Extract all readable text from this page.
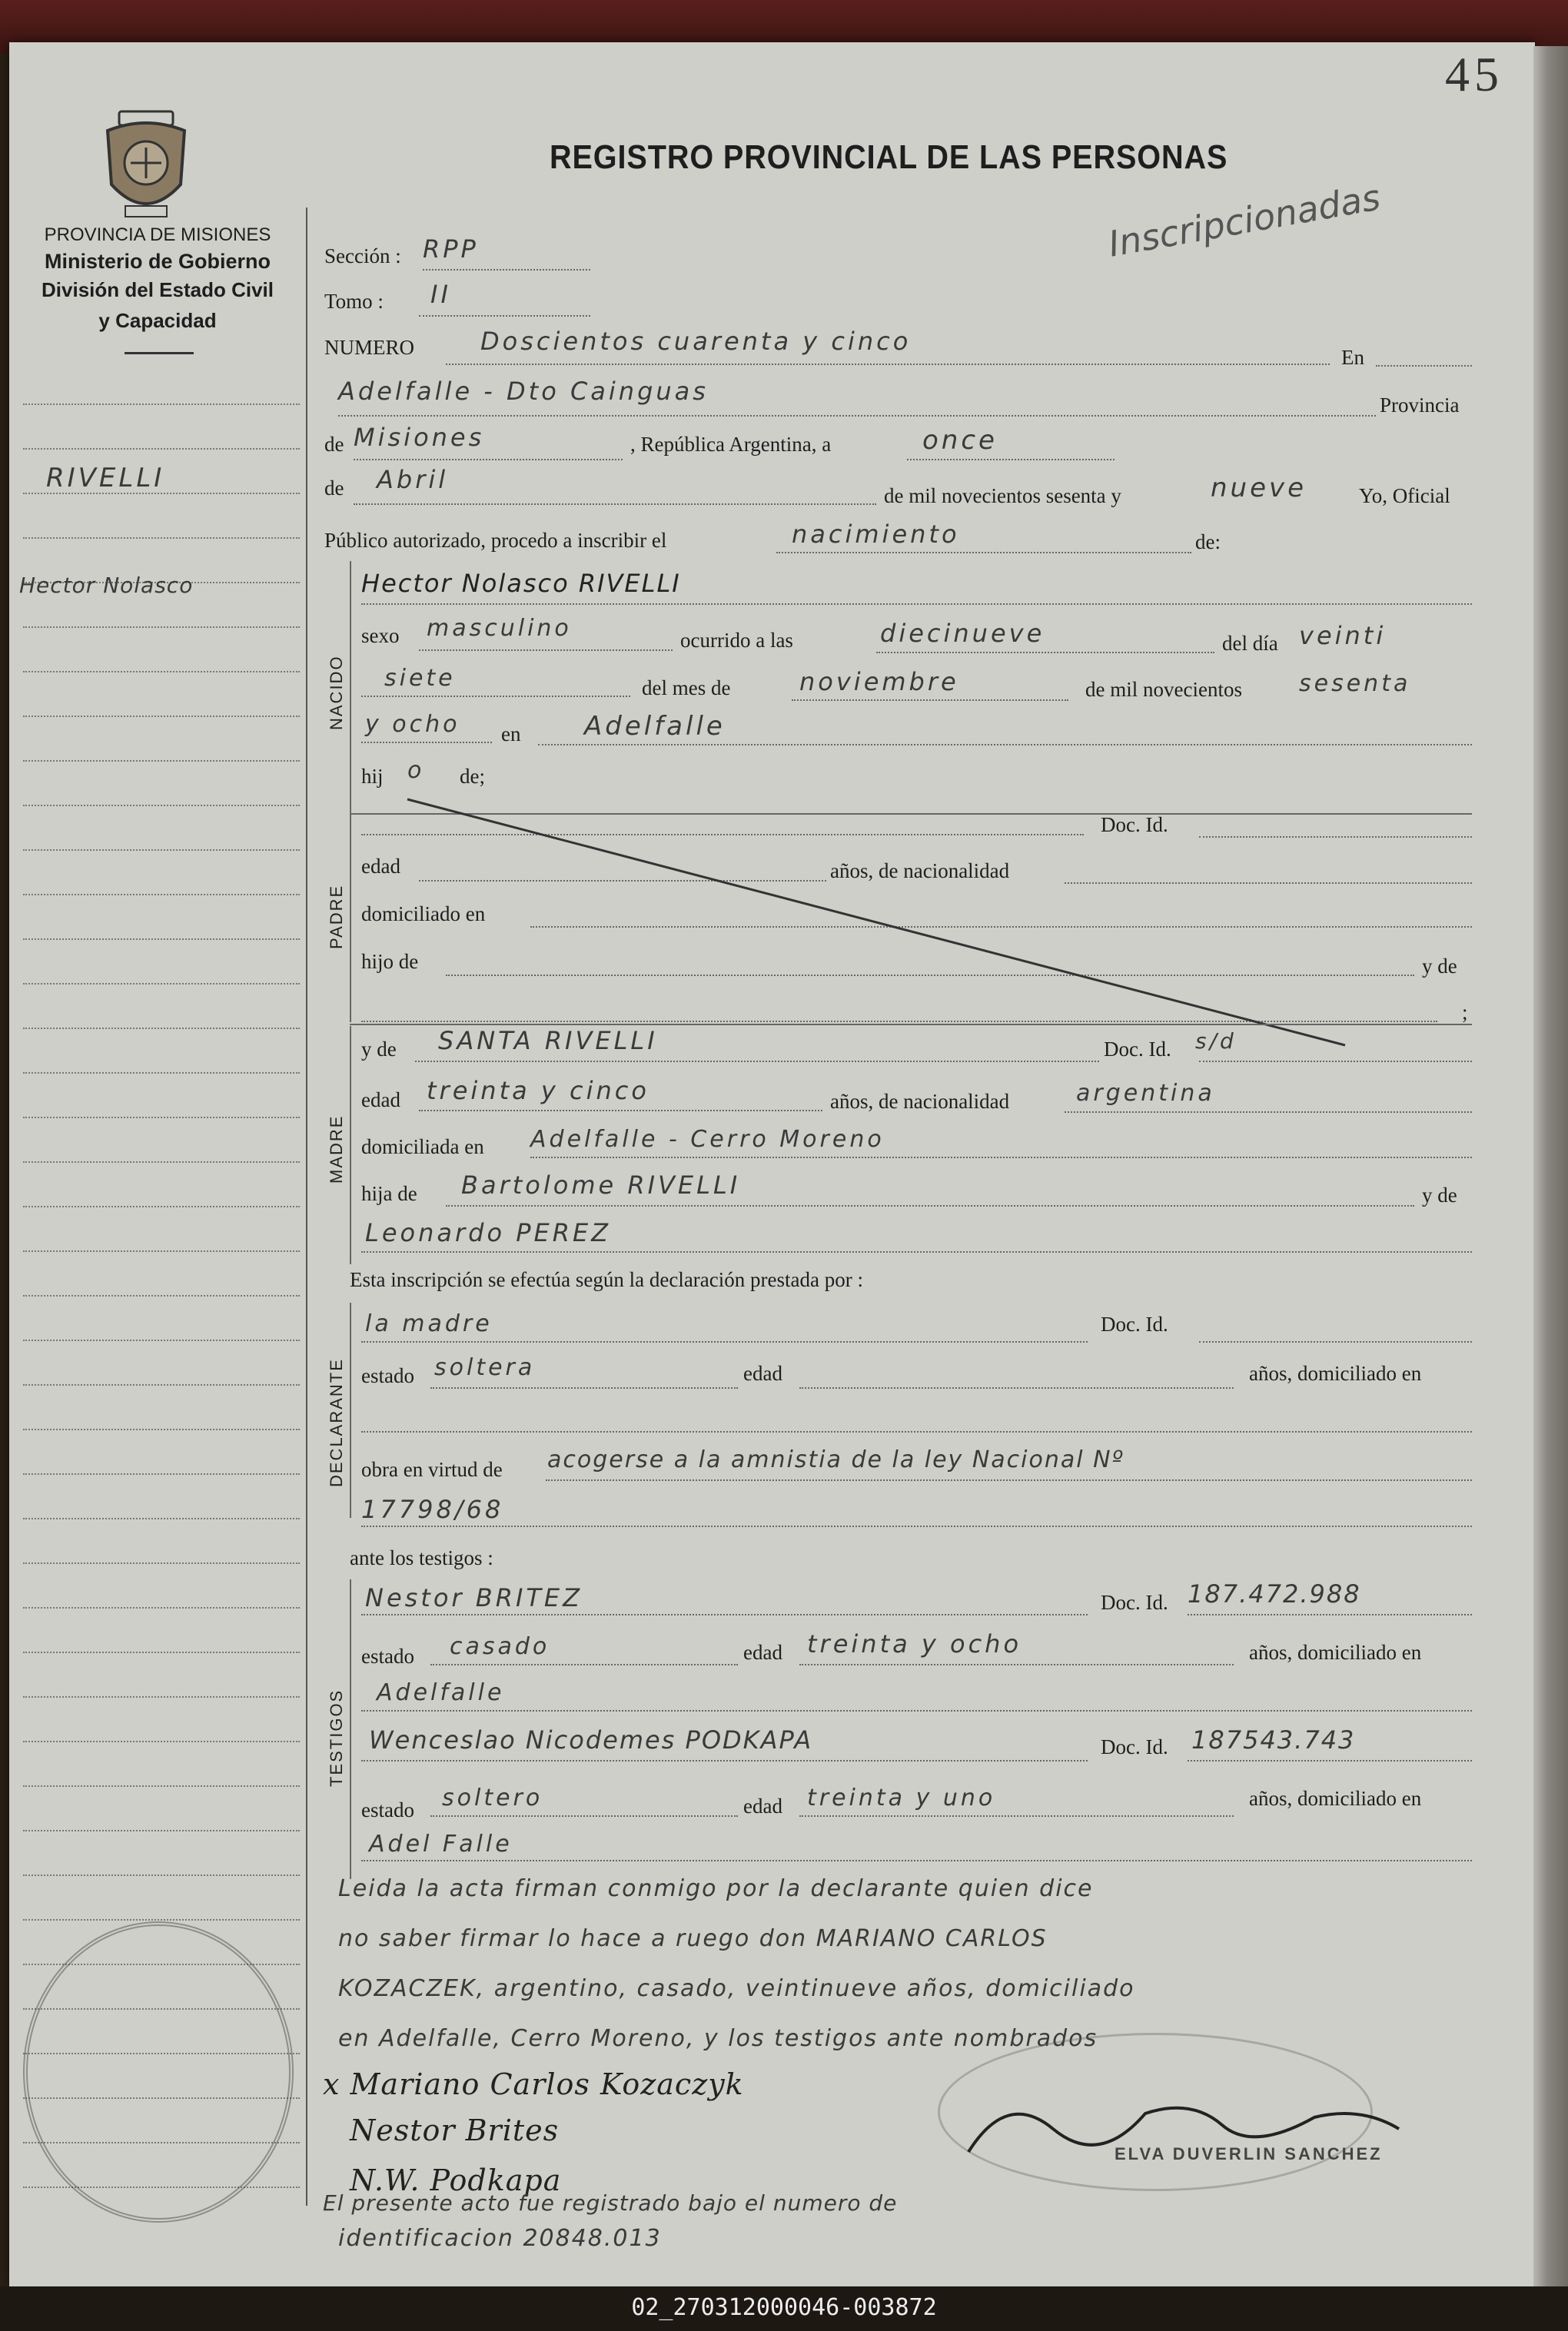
45
PROVINCIA DE MISIONES
Ministerio de Gobierno
División del Estado Civil
y Capacidad
REGISTRO PROVINCIAL DE LAS PERSONAS
RIVELLI
Hector Nolasco
Inscripcionadas
Sección : RPP
Tomo : II
NUMERO	Doscientos cuarenta y cinco
En
Adelfalle - Dto Cainguas	Provincia
de Misiones	, República Argentina, a	once
de Abril
de mil novecientos sesenta y	nueve	Yo, Oficial
Público autorizado, procedo a inscribir el	nacimiento	de:
NACIDO
Hector Nolasco RIVELLI
sexo masculino	ocurrido a las	diecinueve	del día veinti
siete	del mes de	noviembre	de mil novecientos sesenta
y ocho en Adelfalle
hij o de;
PADRE
Doc. Id.
edad	años, de nacionalidad
domiciliado en
hijo de	y de
;
MADRE
y de SANTA RIVELLI	Doc. Id. s/d
edad treinta y cinco	años, de nacionalidad	argentina
domiciliada en Adelfalle - Cerro Moreno
hija de Bartolome RIVELLI	y de
Leonardo PEREZ
Esta inscripción se efectúa según la declaración prestada por :
DECLARANTE
la madre	Doc. Id.
estado soltera	edad	años, domiciliado en
obra en virtud de acogerse a la amnistia de la ley Nacional Nº
17798/68
ante los testigos :
TESTIGOS
Nestor BRITEZ	Doc. Id. 187.472.988
estado casado	edad treinta y ocho	años, domiciliado en
Adelfalle
Wenceslao Nicodemes PODKAPA	Doc. Id. 187543.743
estado soltero	edad treinta y uno	años, domiciliado en
Adel Falle
Leida la acta firman conmigo por la declarante quien dice
no saber firmar lo hace a ruego don MARIANO CARLOS
KOZACZEK, argentino, casado, veintinueve años, domiciliado
en Adelfalle, Cerro Moreno, y los testigos ante nombrados
x Mariano Carlos Kozaczyk
Nestor Brites
N.W. Podkapa
ELVA DUVERLIN SANCHEZ
El presente acto fue registrado bajo el numero de
identificacion 20848.013
02_270312000046-003872
